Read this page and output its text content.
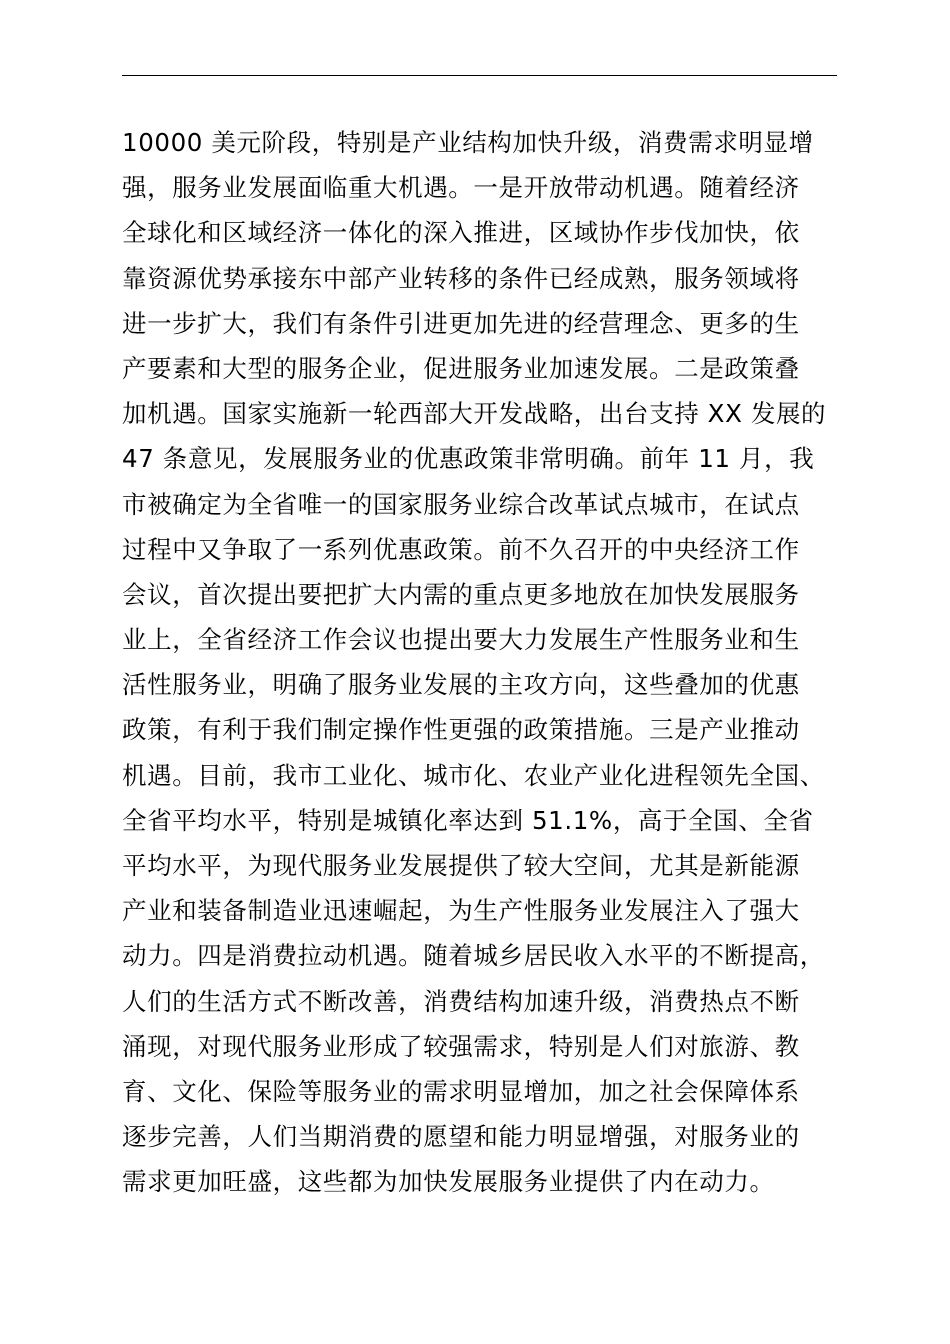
10000 美元阶段，特别是产业结构加快升级，消费需求明显增
强，服务业发展面临重大机遇。一是开放带动机遇。随着经济
全球化和区域经济一体化的深入推进，区域协作步伐加快，依
靠资源优势承接东中部产业转移的条件已经成熟，服务领域将
进一步扩大，我们有条件引进更加先进的经营理念、更多的生
产要素和大型的服务企业，促进服务业加速发展。二是政策叠
加机遇。国家实施新一轮西部大开发战略，出台支持 XX 发展的
47 条意见，发展服务业的优惠政策非常明确。前年 11 月，我
市被确定为全省唯一的国家服务业综合改革试点城市，在试点
过程中又争取了一系列优惠政策。前不久召开的中央经济工作
会议，首次提出要把扩大内需的重点更多地放在加快发展服务
业上，全省经济工作会议也提出要大力发展生产性服务业和生
活性服务业，明确了服务业发展的主攻方向，这些叠加的优惠
政策，有利于我们制定操作性更强的政策措施。三是产业推动
机遇。目前，我市工业化、城市化、农业产业化进程领先全国、
全省平均水平，特别是城镇化率达到 51.1%，高于全国、全省
平均水平，为现代服务业发展提供了较大空间，尤其是新能源
产业和装备制造业迅速崛起，为生产性服务业发展注入了强大
动力。四是消费拉动机遇。随着城乡居民收入水平的不断提高，
人们的生活方式不断改善，消费结构加速升级，消费热点不断
涌现，对现代服务业形成了较强需求，特别是人们对旅游、教
育、文化、保险等服务业的需求明显增加，加之社会保障体系
逐步完善，人们当期消费的愿望和能力明显增强，对服务业的
需求更加旺盛，这些都为加快发展服务业提供了内在动力。
